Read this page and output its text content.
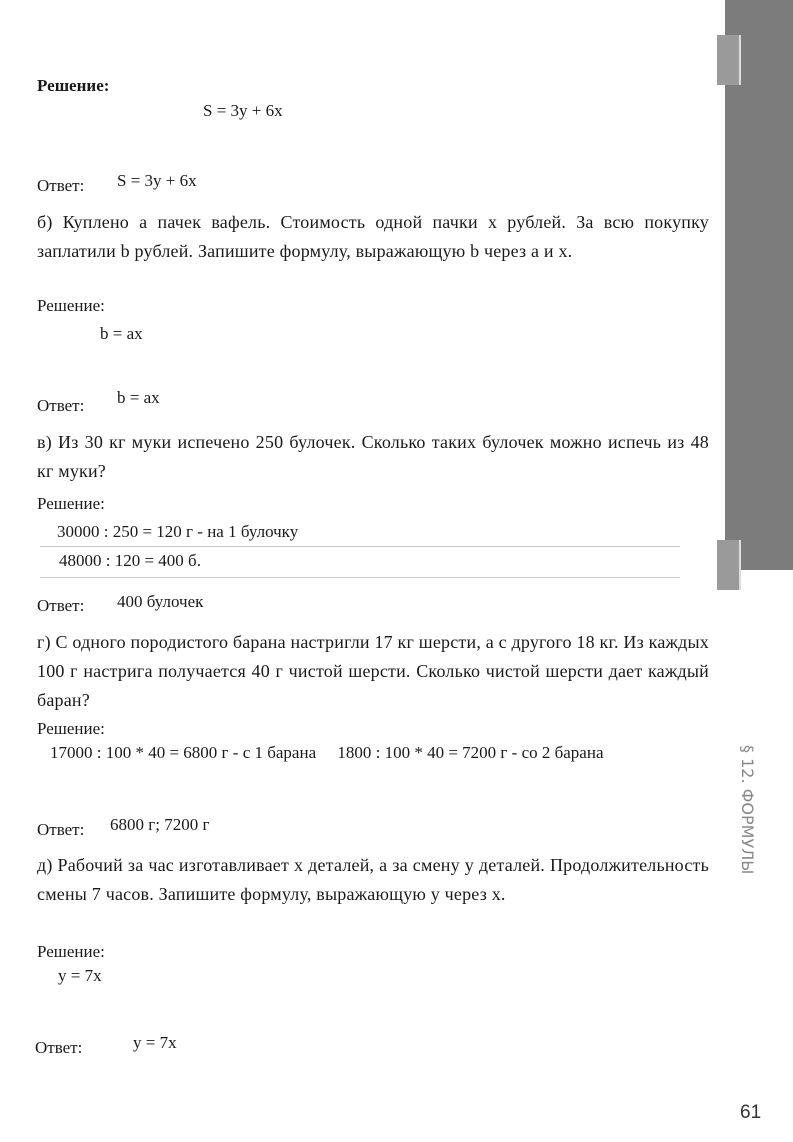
Решение:
S = 3y + 6x
Ответ: S = 3y + 6x
б) Куплено a пачек вафель. Стоимость одной пачки x рублей. За всю покупку заплатили b рублей. Запишите формулу, выражающую b через a и x.
Решение:
b = ax
Ответ: b = ax
в) Из 30 кг муки испечено 250 булочек. Сколько таких булочек можно испечь из 48 кг муки?
Решение:
30000 : 250 = 120 г - на 1 булочку
48000 : 120 = 400 б.
Ответ: 400 булочек
г) С одного породистого барана настригли 17 кг шерсти, а с другого 18 кг. Из каждых 100 г настрига получается 40 г чистой шерсти. Сколько чистой шерсти дает каждый баран?
Решение:
17000 : 100 * 40 = 6800 г - с 1 барана     1800 : 100 * 40 = 7200 г - со 2 барана
Ответ: 6800 г; 7200 г
д) Рабочий за час изготавливает x деталей, а за смену y деталей. Продолжительность смены 7 часов. Запишите формулу, выражающую y через x.
Решение:
y = 7x
Ответ:	y = 7x
§ 12. ФОРМУЛЫ
61
